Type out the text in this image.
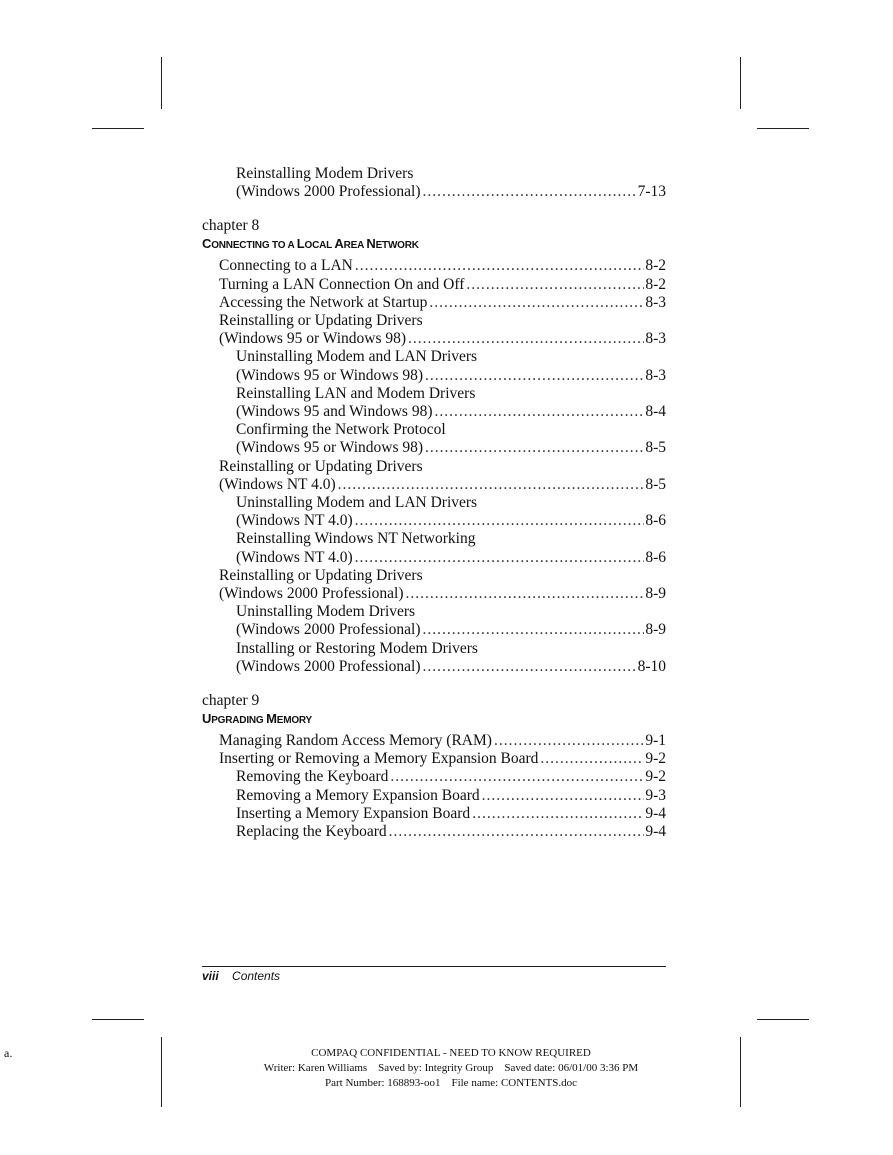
Reinstalling Modem Drivers
(Windows 2000 Professional) .....	7-13
chapter 8
CONNECTING TO A LOCAL AREA NETWORK
Connecting to a LAN .....	8-2
Turning a LAN Connection On and Off .....	8-2
Accessing the Network at Startup .....	8-3
Reinstalling or Updating Drivers
(Windows 95 or Windows 98) .....	8-3
Uninstalling Modem and LAN Drivers
(Windows 95 or Windows 98) .....	8-3
Reinstalling LAN and Modem Drivers
(Windows 95 and Windows 98) .....	8-4
Confirming the Network Protocol
(Windows 95 or Windows 98) .....	8-5
Reinstalling or Updating Drivers
(Windows NT 4.0) .....	8-5
Uninstalling Modem and LAN Drivers
(Windows NT 4.0) .....	8-6
Reinstalling Windows NT Networking
(Windows NT 4.0) .....	8-6
Reinstalling or Updating Drivers
(Windows 2000 Professional) .....	8-9
Uninstalling Modem Drivers
(Windows 2000 Professional) .....	8-9
Installing or Restoring Modem Drivers
(Windows 2000 Professional) .....	8-10
chapter 9
UPGRADING MEMORY
Managing Random Access Memory (RAM) .....	9-1
Inserting or Removing a Memory Expansion Board .....	9-2
Removing the Keyboard .....	9-2
Removing a Memory Expansion Board .....	9-3
Inserting a Memory Expansion Board .....	9-4
Replacing the Keyboard .....	9-4
viii Contents
a.	COMPAQ CONFIDENTIAL - NEED TO KNOW REQUIRED
Writer: Karen Williams    Saved by: Integrity Group    Saved date: 06/01/00 3:36 PM
Part Number: 168893-oo1    File name: CONTENTS.doc
